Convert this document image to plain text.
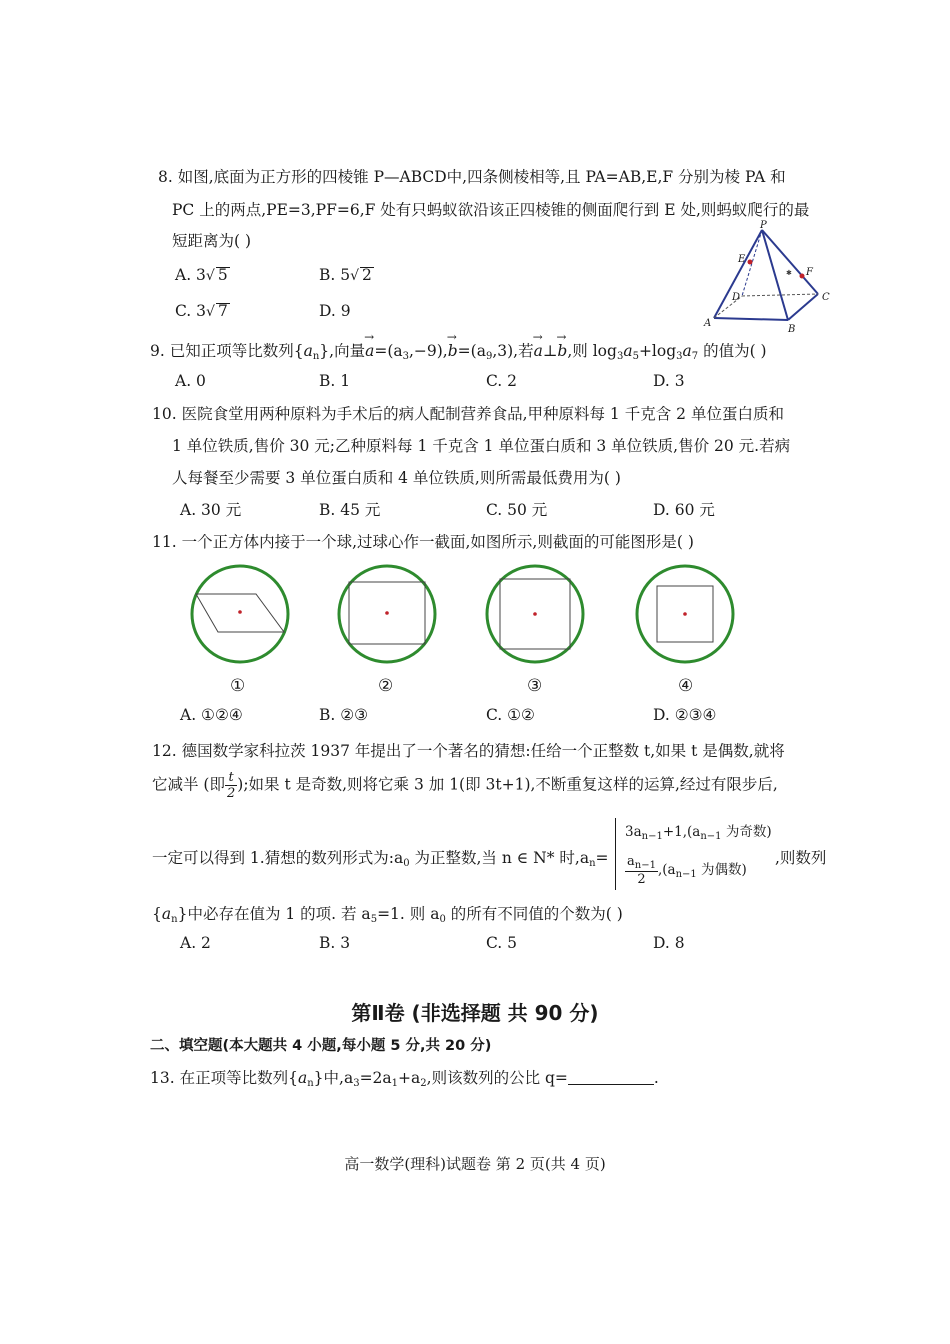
8. 如图,底面为正方形的四棱锥 P—ABCD中,四条侧棱相等,且 PA=AB,E,F 分别为棱 PA 和
PC 上的两点,PE=3,PF=6,F 处有只蚂蚁欲沿该正四棱锥的侧面爬行到 E 处,则蚂蚁爬行的最
短距离为( )
A. 3√ 5	B. 5√ 2
C. 3√ 7	D. 9
✱
P
E
F
A
B
C
D
9. 已知正项等比数列$\{a_n\}$,向量→ $a=(a_3,-9),\to b=(a_9,3)$,若→ a⊥→ b,则 $\log_3a_5+\log_3a_7$ 的值为( )
A. 0	B. 1	C. 2	D. 3
10. 医院食堂用两种原料为手术后的病人配制营养食品,甲种原料每 1 千克含 2 单位蛋白质和
1 单位铁质,售价 30 元;乙种原料每 1 千克含 1 单位蛋白质和 3 单位铁质,售价 20 元.若病
人每餐至少需要 3 单位蛋白质和 4 单位铁质,则所需最低费用为( )
A. 30 元	B. 45 元	C. 50 元	D. 60 元
11. 一个正方体内接于一个球,过球心作一截面,如图所示,则截面的可能图形是( )
①	②	③	④
A. ①②④	B. ②③	C. ①②	D. ②③④
12. 德国数学家科拉茨 1937 年提出了一个著名的猜想:任给一个正整数 t,如果 t 是偶数,就将
它减半 (即 $\frac{t}{2}$ );如果 t 是奇数,则将它乘 3 加 1(即 3t+1),不断重复这样的运算,经过有限步后,
一定可以得到 1.猜想的数列形式为$:a_0$ 为正整数,当 n ∈ N* 时$,a_n=$
$3a_{n-1}+1,(a_{n-1}$ 为奇数)
$\frac{a_{n-1}}{2} ,(a_{n-1}$ 为偶数)
,则数列
$\{a_n\}$中必存在值为 1 的项. 若 $a_5=1$. 则 $a_0$ 的所有不同值的个数为( )
A. 2	B. 3	C. 5	D. 8
第Ⅱ卷 (非选择题 共 90 分)
二、填空题(本大题共 4 小题,每小题 5 分,共 20 分)
13. 在正项等比数列$\{a_n\}$中$,a_3=2a_1+a_2$,则该数列的公比 q=	.
高一数学(理科)试题卷 第 2 页(共 4 页)
